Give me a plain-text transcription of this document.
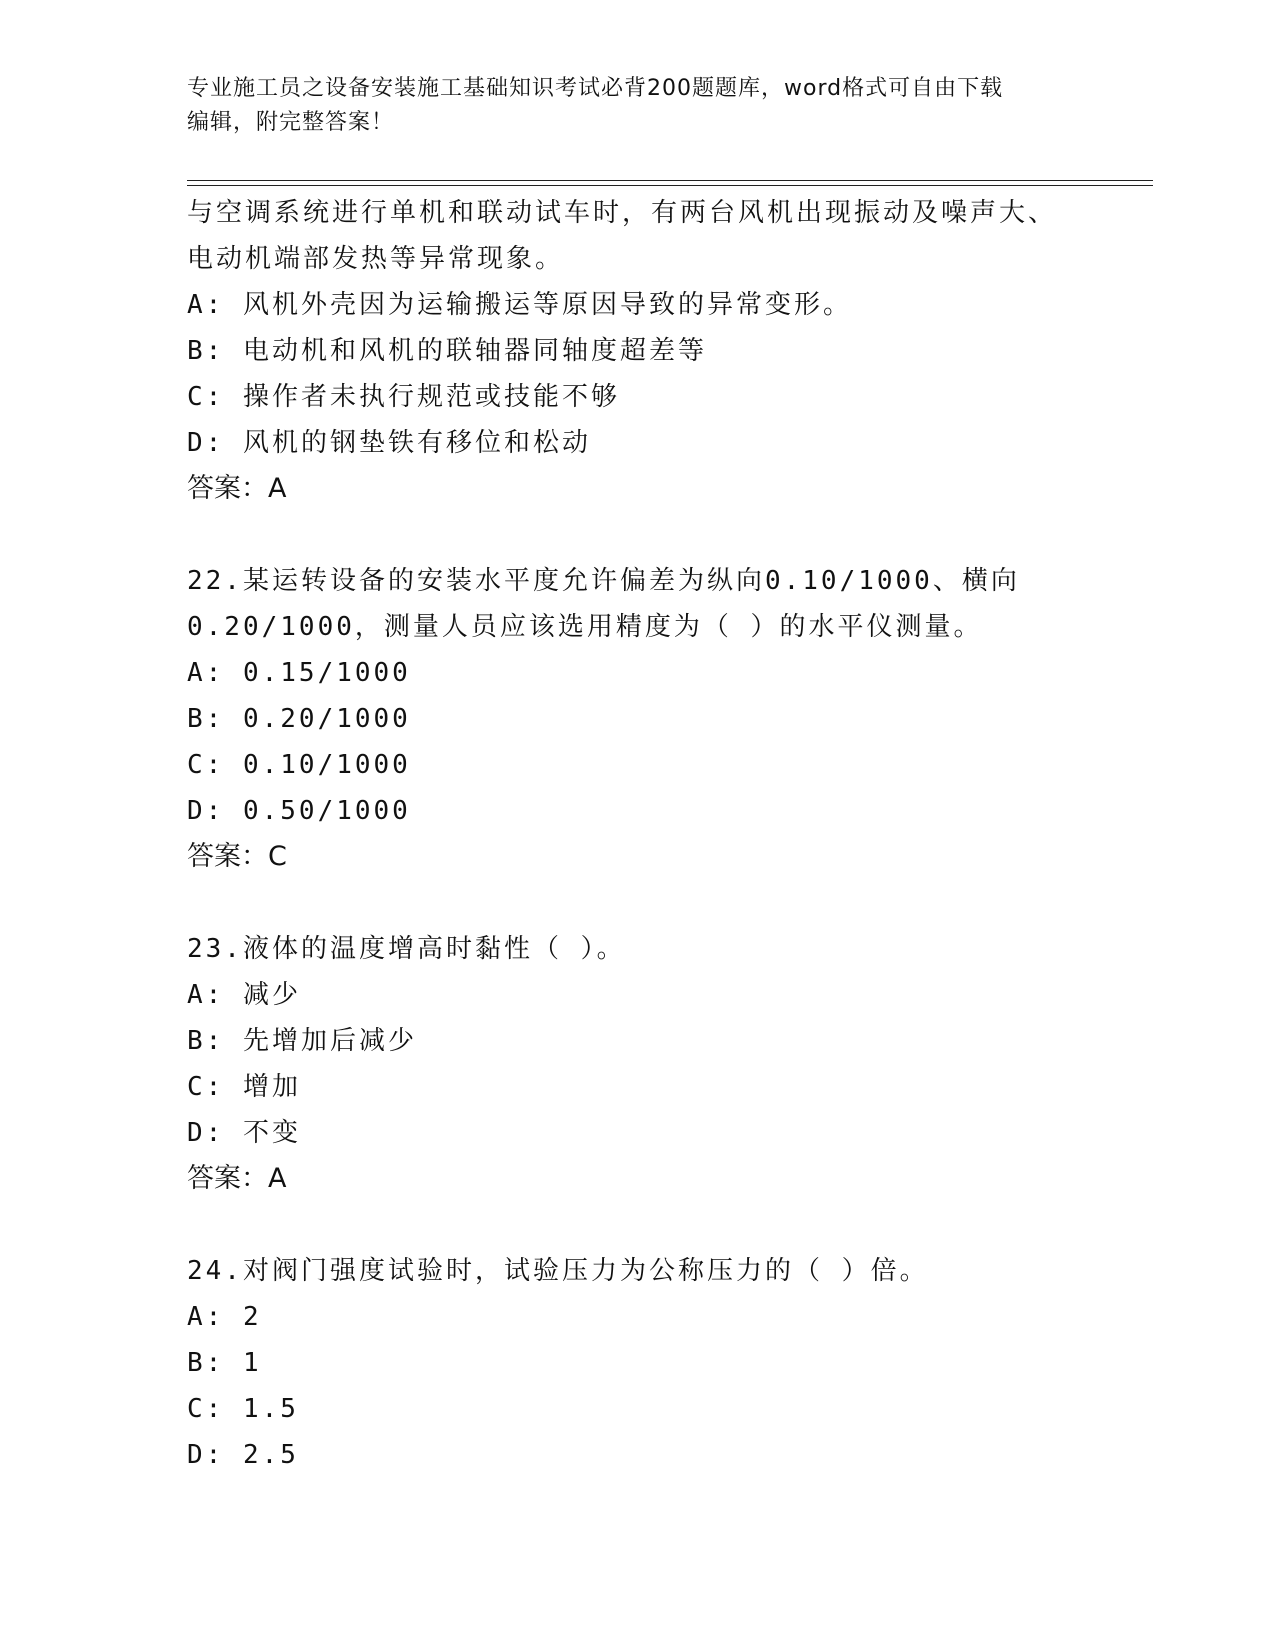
专业施工员之设备安装施工基础知识考试必背200题题库，word格式可自由下载
编辑，附完整答案！

与空调系统进行单机和联动试车时，有两台风机出现振动及噪声大、

电动机端部发热等异常现象。

A: 风机外壳因为运输搬运等原因导致的异常变形。

B: 电动机和风机的联轴器同轴度超差等

C: 操作者未执行规范或技能不够

D: 风机的钢垫铁有移位和松动

答案：A

22.某运转设备的安装水平度允许偏差为纵向0.10/1000、横向

0.20/1000，测量人员应该选用精度为（ ）的水平仪测量。

A: 0.15/1000

B: 0.20/1000

C: 0.10/1000

D: 0.50/1000

答案：C

23.液体的温度增高时黏性（ ）。

A: 减少

B: 先增加后减少

C: 增加

D: 不变

答案：A

24.对阀门强度试验时，试验压力为公称压力的（ ）倍。

A: 2

B: 1

C: 1.5

D: 2.5
